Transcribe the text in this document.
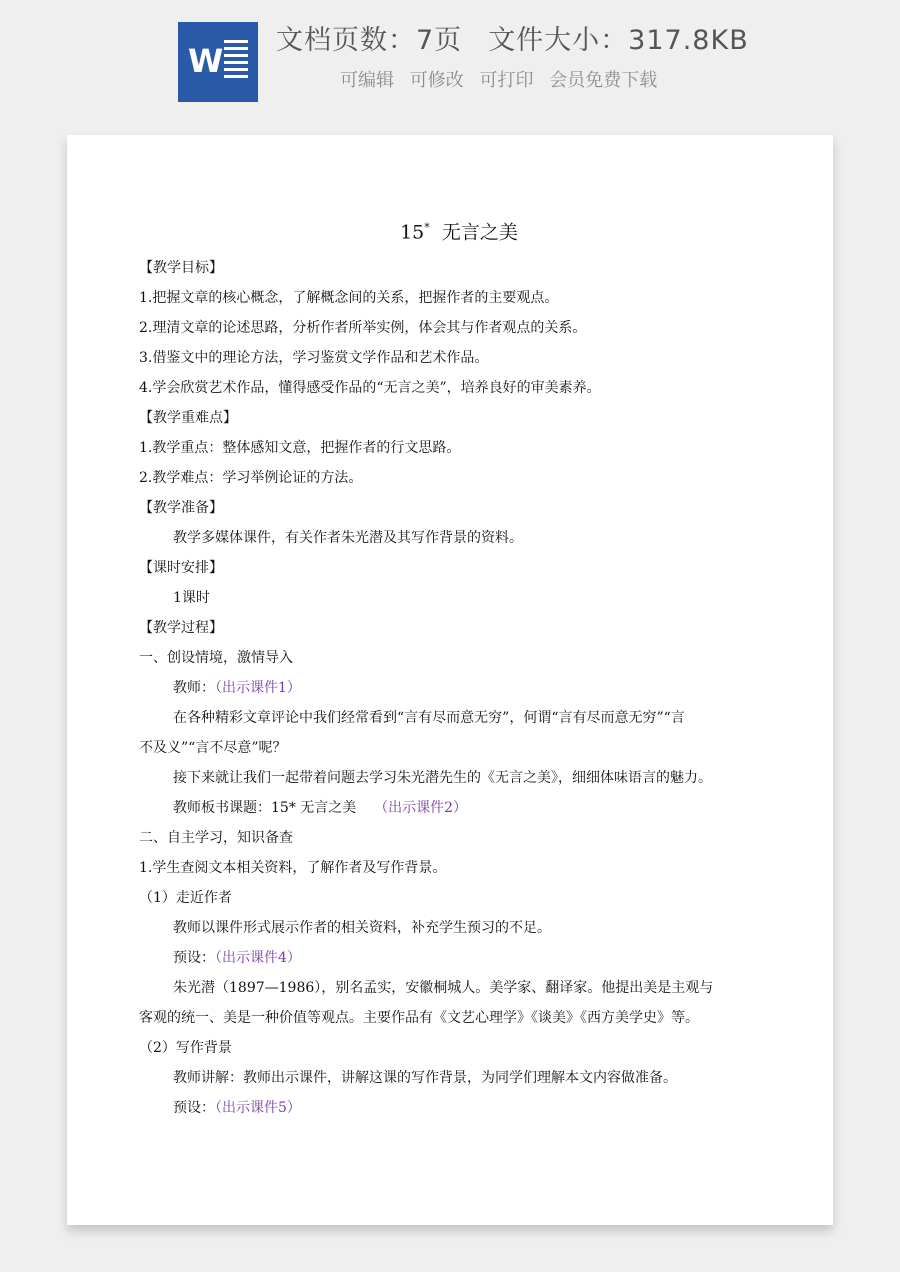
W
文档页数：7页 文件大小：317.8KB
可编辑 可修改 可打印 会员免费下载
15* 无言之美
【教学目标】
1.把握文章的核心概念，了解概念间的关系，把握作者的主要观点。
2.理清文章的论述思路，分析作者所举实例，体会其与作者观点的关系。
3.借鉴文中的理论方法，学习鉴赏文学作品和艺术作品。
4.学会欣赏艺术作品，懂得感受作品的“无言之美”，培养良好的审美素养。
【教学重难点】
1.教学重点：整体感知文意，把握作者的行文思路。
2.教学难点：学习举例论证的方法。
【教学准备】
教学多媒体课件，有关作者朱光潜及其写作背景的资料。
【课时安排】
1课时
【教学过程】
一、创设情境，激情导入
教师：（出示课件1）
在各种精彩文章评论中我们经常看到“言有尽而意无穷”，何谓“言有尽而意无穷”“言
不及义”“言不尽意”呢？
接下来就让我们一起带着问题去学习朱光潜先生的《无言之美》，细细体味语言的魅力。
教师板书课题：15* 无言之美 （出示课件2）
二、自主学习，知识备查
1.学生查阅文本相关资料，了解作者及写作背景。
（1）走近作者
教师以课件形式展示作者的相关资料，补充学生预习的不足。
预设：（出示课件4）
朱光潜（1897—1986），别名孟实，安徽桐城人。美学家、翻译家。他提出美是主观与
客观的统一、美是一种价值等观点。主要作品有《文艺心理学》《谈美》《西方美学史》等。
（2）写作背景
教师讲解：教师出示课件，讲解这课的写作背景，为同学们理解本文内容做准备。
预设：（出示课件5）
